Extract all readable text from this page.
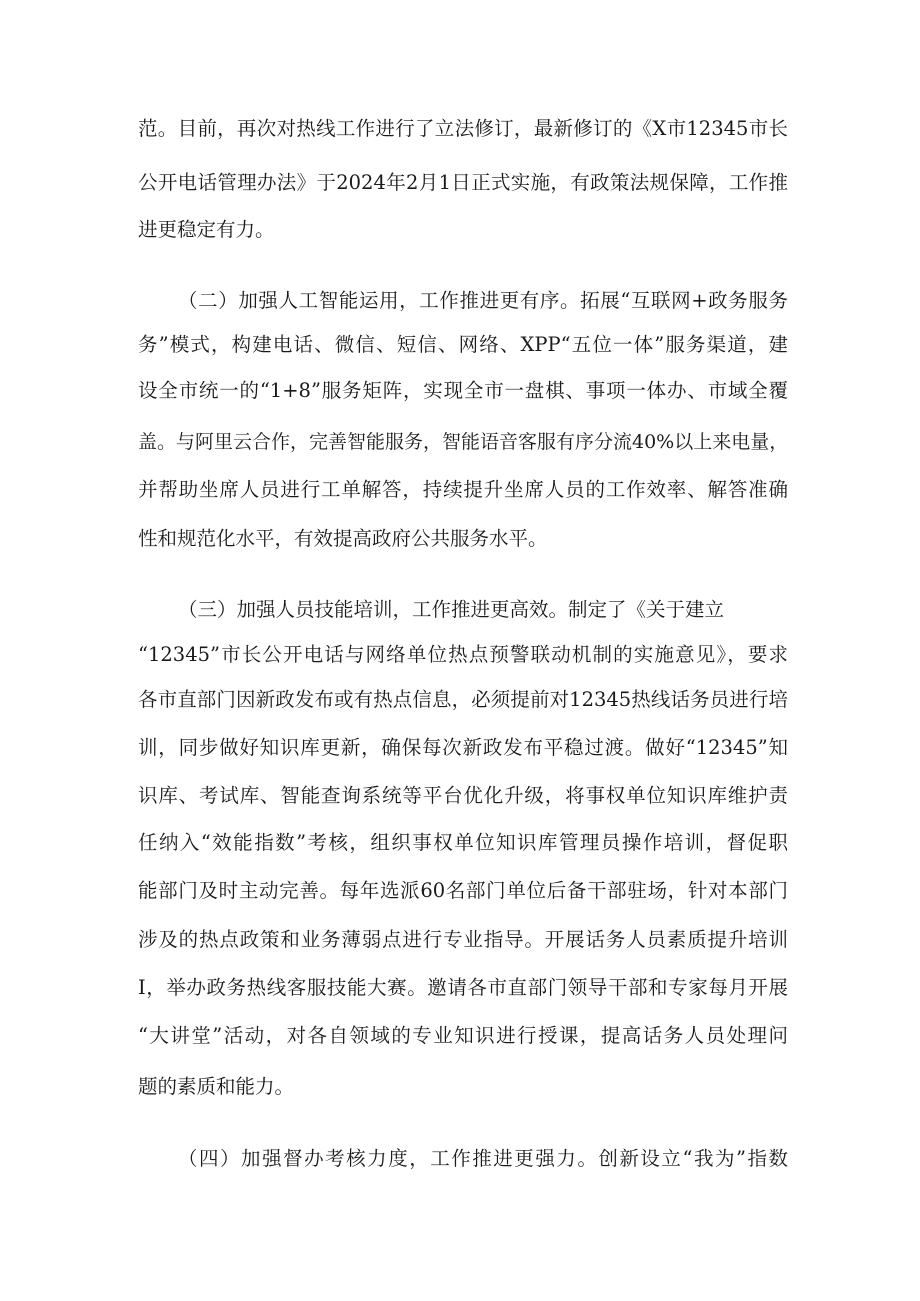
范。目前，再次对热线工作进行了立法修订，最新修订的《X市12345市长
公开电话管理办法》于2024年2月1日正式实施，有政策法规保障，工作推
进更稳定有力。
（二）加强人工智能运用，工作推进更有序。拓展“互联网+政务服务
务”模式，构建电话、微信、短信、网络、XPP“五位一体”服务渠道，建
设全市统一的“1+8”服务矩阵，实现全市一盘棋、事项一体办、市域全覆
盖。与阿里云合作，完善智能服务，智能语音客服有序分流40%以上来电量，
并帮助坐席人员进行工单解答，持续提升坐席人员的工作效率、解答准确
性和规范化水平，有效提高政府公共服务水平。
（三）加强人员技能培训，工作推进更高效。制定了《关于建立
“12345”市长公开电话与网络单位热点预警联动机制的实施意见》，要求
各市直部门因新政发布或有热点信息，必须提前对12345热线话务员进行培
训，同步做好知识库更新，确保每次新政发布平稳过渡。做好“12345”知
识库、考试库、智能查询系统等平台优化升级，将事权单位知识库维护责
任纳入“效能指数”考核，组织事权单位知识库管理员操作培训，督促职
能部门及时主动完善。每年选派60名部门单位后备干部驻场，针对本部门
涉及的热点政策和业务薄弱点进行专业指导。开展话务人员素质提升培训
I，举办政务热线客服技能大赛。邀请各市直部门领导干部和专家每月开展
“大讲堂”活动，对各自领域的专业知识进行授课，提高话务人员处理问
题的素质和能力。
（四）加强督办考核力度，工作推进更强力。创新设立“我为”指数
